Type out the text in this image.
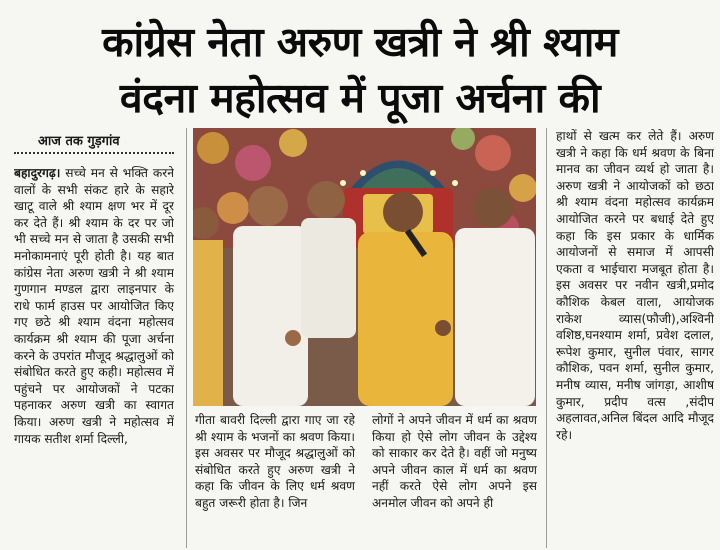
कांग्रेस नेता अरुण खत्री ने श्री श्याम
वंदना महोत्सव में पूजा अर्चना की
आज तक गुड़गांव

बहादुरगढ़। सच्चे मन से भक्ति करने वालों के सभी संकट हारे के सहारे खाटू वाले श्री श्याम क्षण भर में दूर कर देते हैं। श्री श्याम के दर पर जो भी सच्चे मन से जाता है उसकी सभी मनोकामनाएं पूरी होती है। यह बात कांग्रेस नेता अरुण खत्री ने श्री श्याम गुणगान मण्डल द्वारा लाइनपार के राधे फार्म हाउस पर आयोजित किए गए छठे श्री श्याम वंदना महोत्सव कार्यक्रम श्री श्याम की पूजा अर्चना करने के उपरांत मौजूद श्रद्धालुओं को संबोधित करते हुए कही। महोत्सव में पहुंचने पर आयोजकों ने पटका पहनाकर अरुण खत्री का स्वागत किया। अरुण खत्री ने महोत्सव में गायक सतीश शर्मा दिल्ली,

गीता बावरी दिल्ली द्वारा गाए जा रहे श्री श्याम के भजनों का श्रवण किया। इस अवसर पर मौजूद श्रद्धालुओं को संबोधित करते हुए अरुण खत्री ने कहा कि जीवन के लिए धर्म श्रवण बहुत जरूरी होता है। जिन

लोगों ने अपने जीवन में धर्म का श्रवण किया हो ऐसे लोग जीवन के उद्देश्य को साकार कर देते है। वहीं जो मनुष्य अपने जीवन काल में धर्म का श्रवण नहीं करते ऐसे लोग अपने इस अनमोल जीवन को अपने ही

हाथों से खत्म कर लेते हैं। अरुण खत्री ने कहा कि धर्म श्रवण के बिना मानव का जीवन व्यर्थ हो जाता है। अरुण खत्री ने आयोजकों को छठा श्री श्याम वंदना महोत्सव कार्यक्रम आयोजित करने पर बधाई देते हुए कहा कि इस प्रकार के धार्मिक आयोजनों से समाज में आपसी एकता व भाईचारा मजबूत होता है। इस अवसर पर नवीन खत्री,प्रमोद कौशिक केबल वाला, आयोजक राकेश व्यास(फौजी),अश्विनी वशिष्ठ,घनश्याम शर्मा, प्रवेश दलाल, रूपेश कुमार, सुनील पंवार, सागर कौशिक, पवन शर्मा, सुनील कुमार, मनीष व्यास, मनीष जांगड़ा, आशीष कुमार, प्रदीप वत्स ,संदीप अहलावत,अनिल बिंदल आदि मौजूद रहे।
